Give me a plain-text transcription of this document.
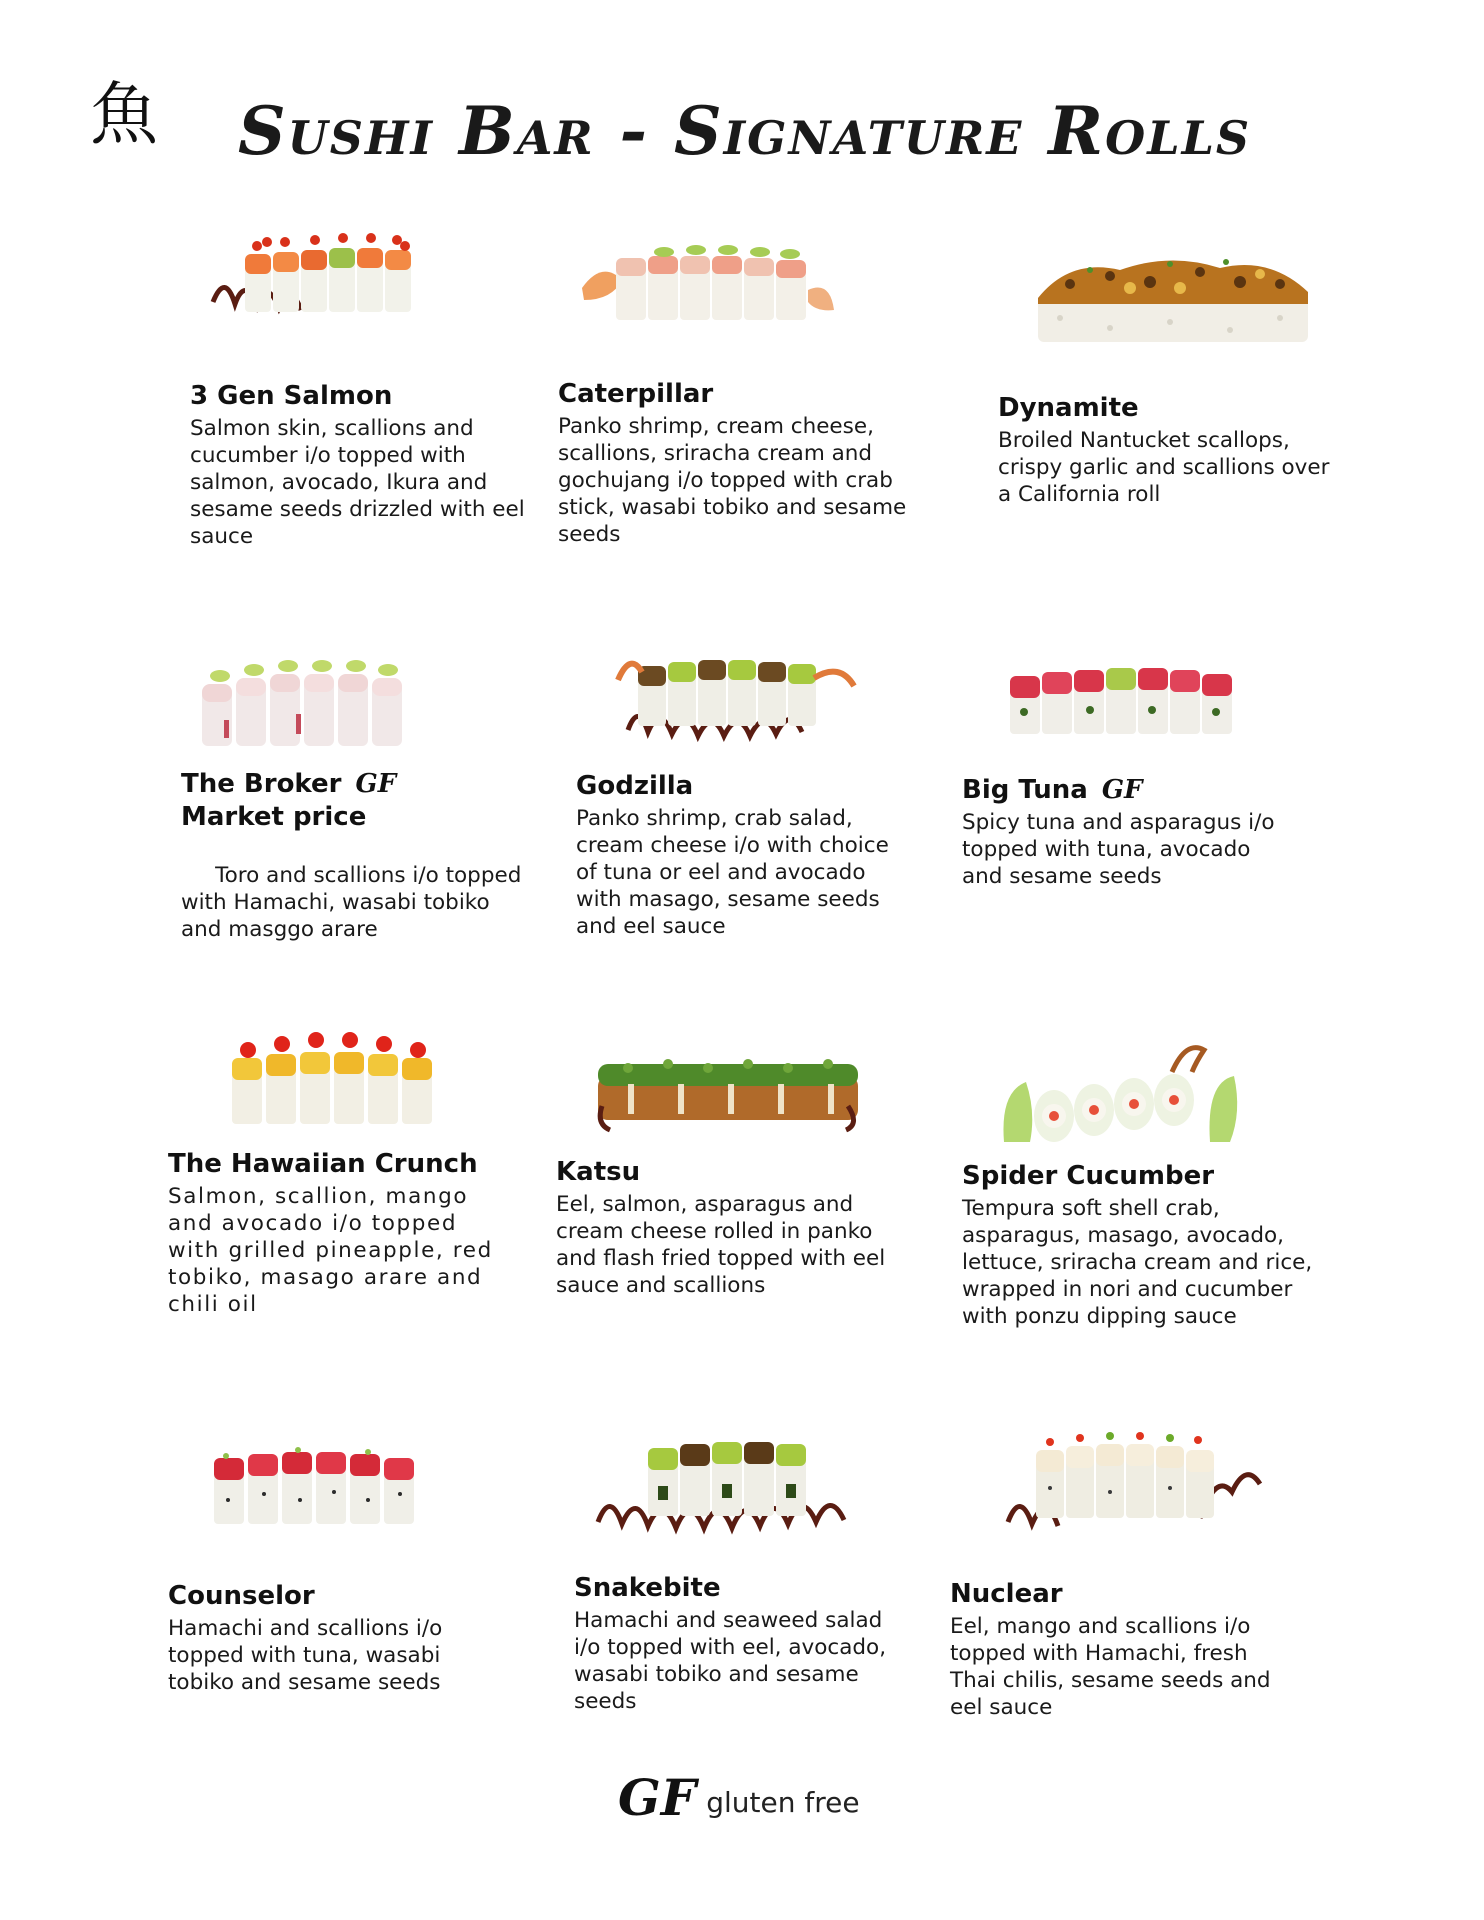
魚 Sushi Bar - Signature Rolls
3 Gen Salmon

Salmon skin, scallions and
cucumber i/o topped with
salmon, avocado, Ikura and
sesame seeds drizzled with eel
sauce

Caterpillar

Panko shrimp, cream cheese,
scallions, sriracha cream and
gochujang i/o topped with crab
stick, wasabi tobiko and sesame
seeds

Dynamite

Broiled Nantucket scallops,
crispy garlic and scallions over
a California roll

The Broker GF
Market price

Toro and scallions i/o topped
with Hamachi, wasabi tobiko
and masggo arare

Godzilla

Panko shrimp, crab salad,
cream cheese i/o with choice
of tuna or eel and avocado
with masago, sesame seeds
and eel sauce

Big Tuna GF

Spicy tuna and asparagus i/o
topped with tuna, avocado
and sesame seeds

The Hawaiian Crunch

Salmon, scallion, mango
and avocado i/o topped
with grilled pineapple, red
tobiko, masago arare and
chili oil

Katsu

Eel, salmon, asparagus and
cream cheese rolled in panko
and flash fried topped with eel
sauce and scallions

Spider Cucumber

Tempura soft shell crab,
asparagus, masago, avocado,
lettuce, sriracha cream and rice,
wrapped in nori and cucumber
with ponzu dipping sauce

Counselor

Hamachi and scallions i/o
topped with tuna, wasabi
tobiko and sesame seeds

Snakebite

Hamachi and seaweed salad
i/o topped with eel, avocado,
wasabi tobiko and sesame
seeds

Nuclear

Eel, mango and scallions i/o
topped with Hamachi, fresh
Thai chilis, sesame seeds and
eel sauce

GF gluten free
